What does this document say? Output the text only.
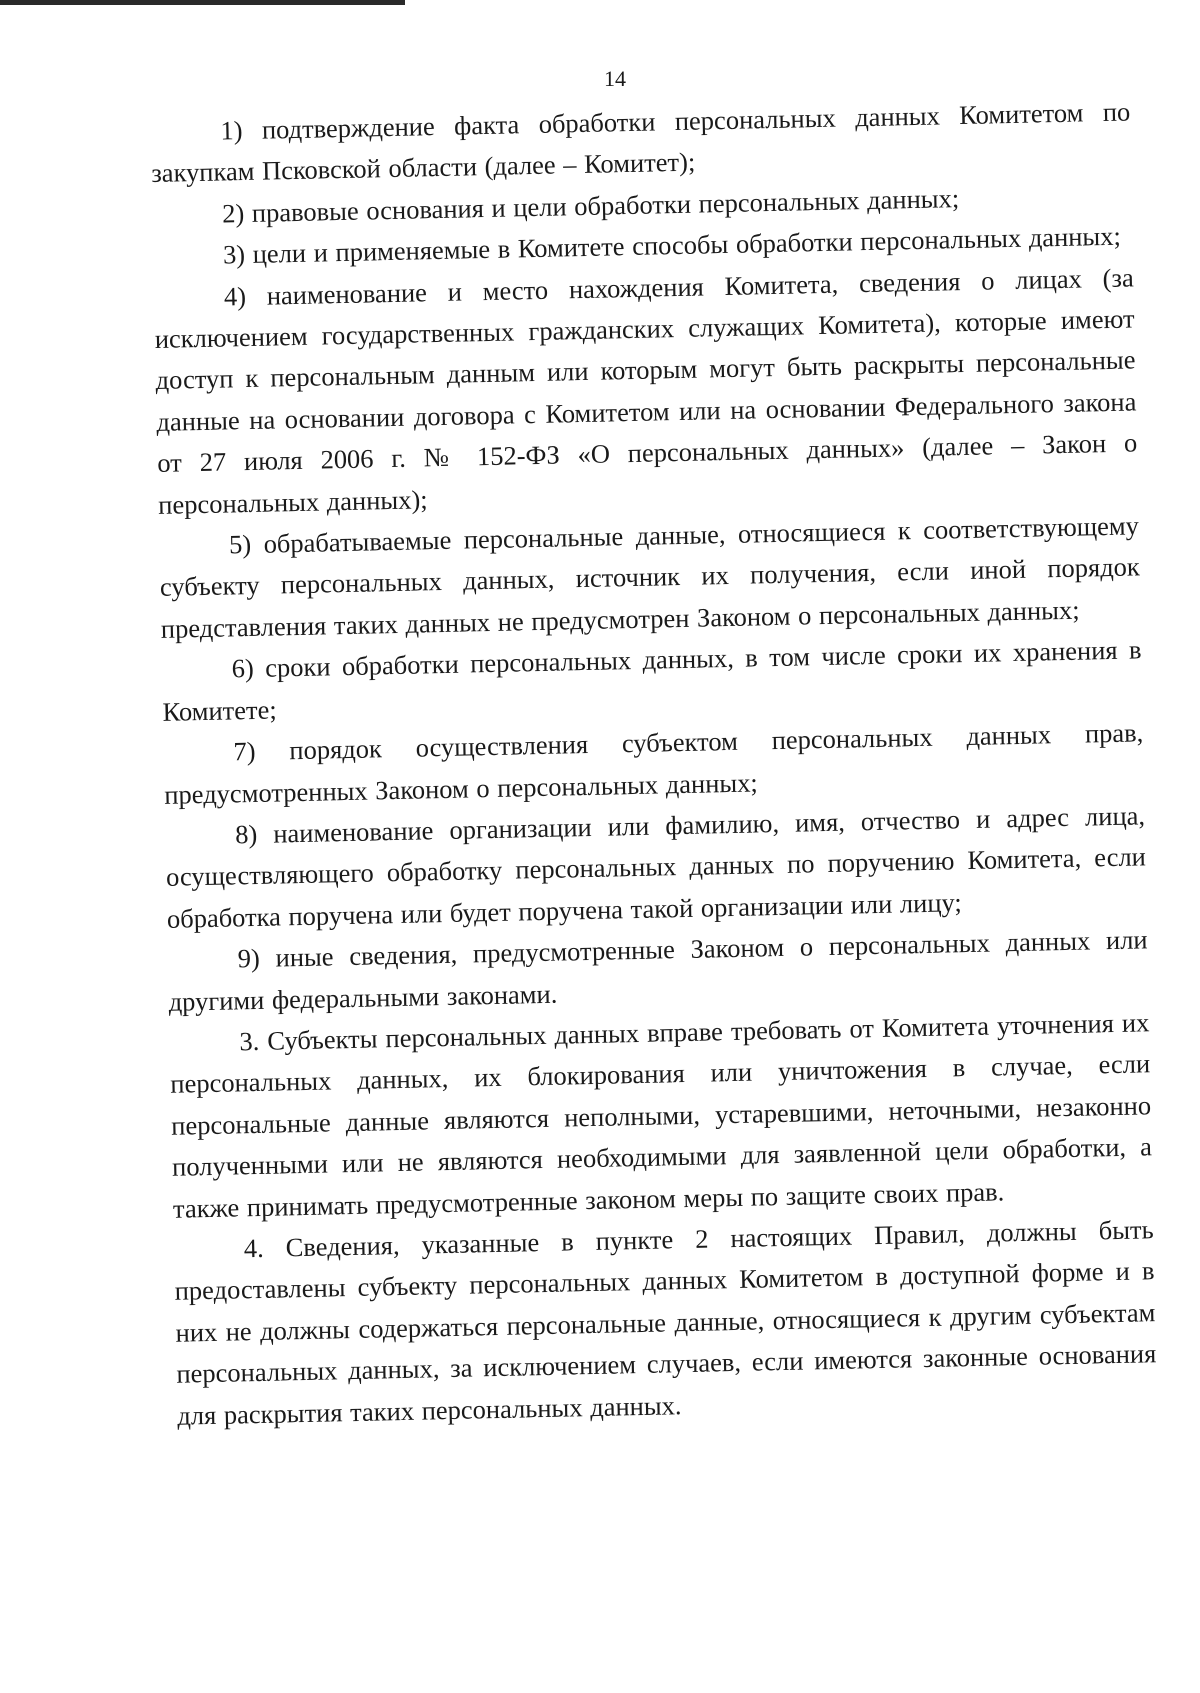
14

1) подтверждение факта обработки персональных данных Комитетом по закупкам Псковской области (далее – Комитет);

2) правовые основания и цели обработки персональных данных;

3) цели и применяемые в Комитете способы обработки персональных данных;

4) наименование и место нахождения Комитета, сведения о лицах (за исключением государственных гражданских служащих Комитета), которые имеют доступ к персональным данным или которым могут быть раскрыты персональные данные на основании договора с Комитетом или на основании Федерального закона от 27 июля 2006 г. № 152-ФЗ «О персональных данных» (далее – Закон о персональных данных);

5) обрабатываемые персональные данные, относящиеся к соответствующему субъекту персональных данных, источник их получения, если иной порядок представления таких данных не предусмотрен Законом о персональных данных;

6) сроки обработки персональных данных, в том числе сроки их хранения в Комитете;

7) порядок осуществления субъектом персональных данных прав, предусмотренных Законом о персональных данных;

8) наименование организации или фамилию, имя, отчество и адрес лица, осуществляющего обработку персональных данных по поручению Комитета, если обработка поручена или будет поручена такой организации или лицу;

9) иные сведения, предусмотренные Законом о персональных данных или другими федеральными законами.

3. Субъекты персональных данных вправе требовать от Комитета уточнения их персональных данных, их блокирования или уничтожения в случае, если персональные данные являются неполными, устаревшими, неточными, незаконно полученными или не являются необходимыми для заявленной цели обработки, а также принимать предусмотренные законом меры по защите своих прав.

4. Сведения, указанные в пункте 2 настоящих Правил, должны быть предоставлены субъекту персональных данных Комитетом в доступной форме и в них не должны содержаться персональные данные, относящиеся к другим субъектам персональных данных, за исключением случаев, если имеются законные основания для раскрытия таких персональных данных.
